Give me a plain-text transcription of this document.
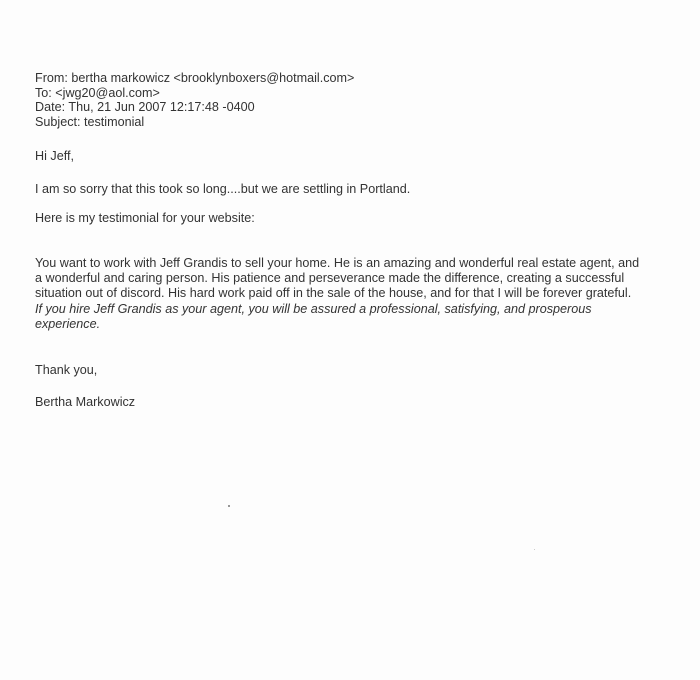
From: bertha markowicz <brooklynboxers@hotmail.com>
To: <jwg20@aol.com>
Date: Thu, 21 Jun 2007 12:17:48 -0400
Subject: testimonial
Hi Jeff,
I am so sorry that this took so long....but we are settling in Portland.
Here is my testimonial for your website:
You want to work with Jeff Grandis to sell your home. He is an amazing and wonderful real estate agent, and a wonderful and caring person. His patience and perseverance made the difference, creating a successful situation out of discord. His hard work paid off in the sale of the house, and for that I will be forever grateful.
If you hire Jeff Grandis as your agent, you will be assured a professional, satisfying, and prosperous experience.
Thank you,
Bertha Markowicz
